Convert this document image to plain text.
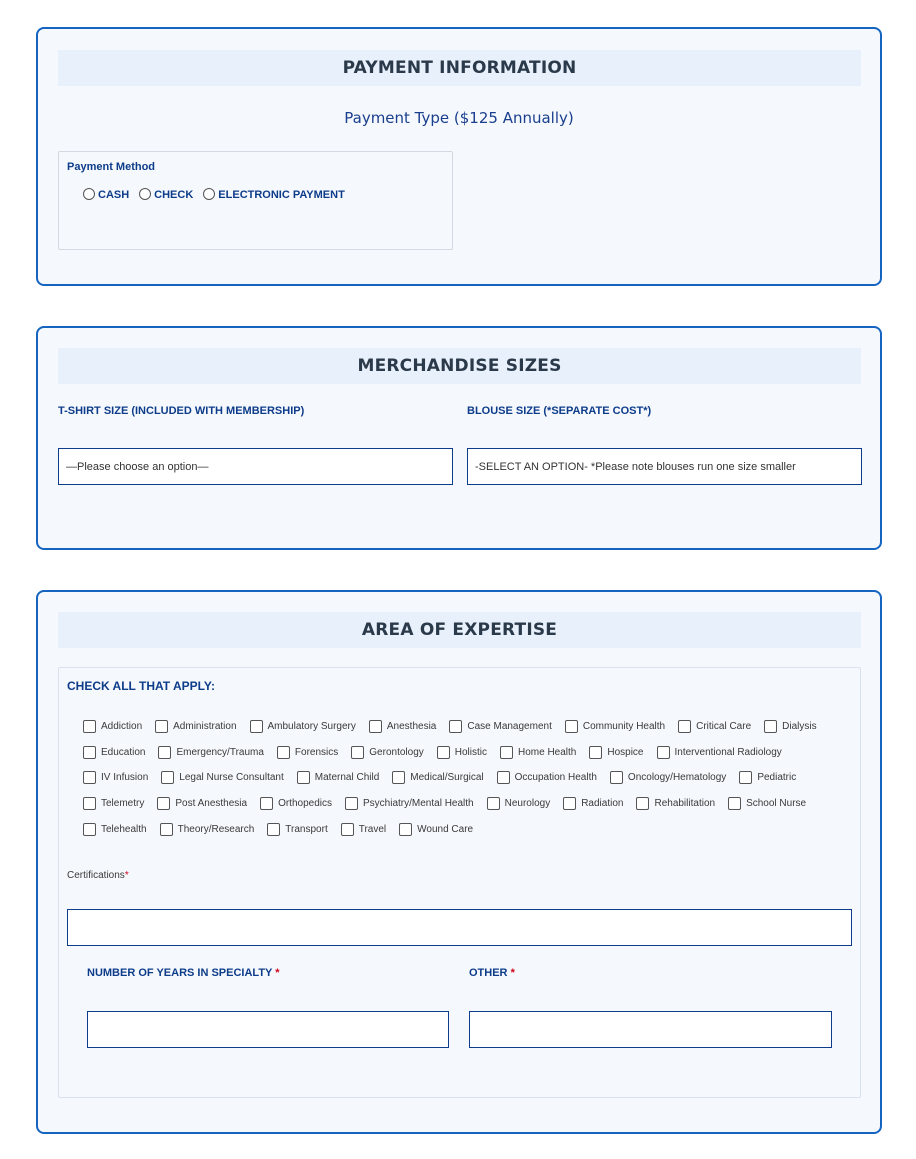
PAYMENT INFORMATION
Payment Type ($125 Annually)
Payment Method
CASH CHECK ELECTRONIC PAYMENT
MERCHANDISE SIZES
T-SHIRT SIZE (INCLUDED WITH MEMBERSHIP)	BLOUSE SIZE (*SEPARATE COST*)
—Please choose an option—	-SELECT AN OPTION- *Please note blouses run one size smaller
AREA OF EXPERTISE
CHECK ALL THAT APPLY:
Addiction	Administration	Ambulatory Surgery	Anesthesia	Case Management	Community Health	Critical Care	Dialysis
Education	Emergency/Trauma	Forensics	Gerontology	Holistic	Home Health	Hospice	Interventional Radiology
IV Infusion	Legal Nurse Consultant	Maternal Child	Medical/Surgical	Occupation Health	Oncology/Hematology	Pediatric
Telemetry	Post Anesthesia	Orthopedics	Psychiatry/Mental Health	Neurology	Radiation	Rehabilitation	School Nurse
Telehealth	Theory/Research	Transport	Travel	Wound Care
Certifications*
NUMBER OF YEARS IN SPECIALTY *	OTHER *
